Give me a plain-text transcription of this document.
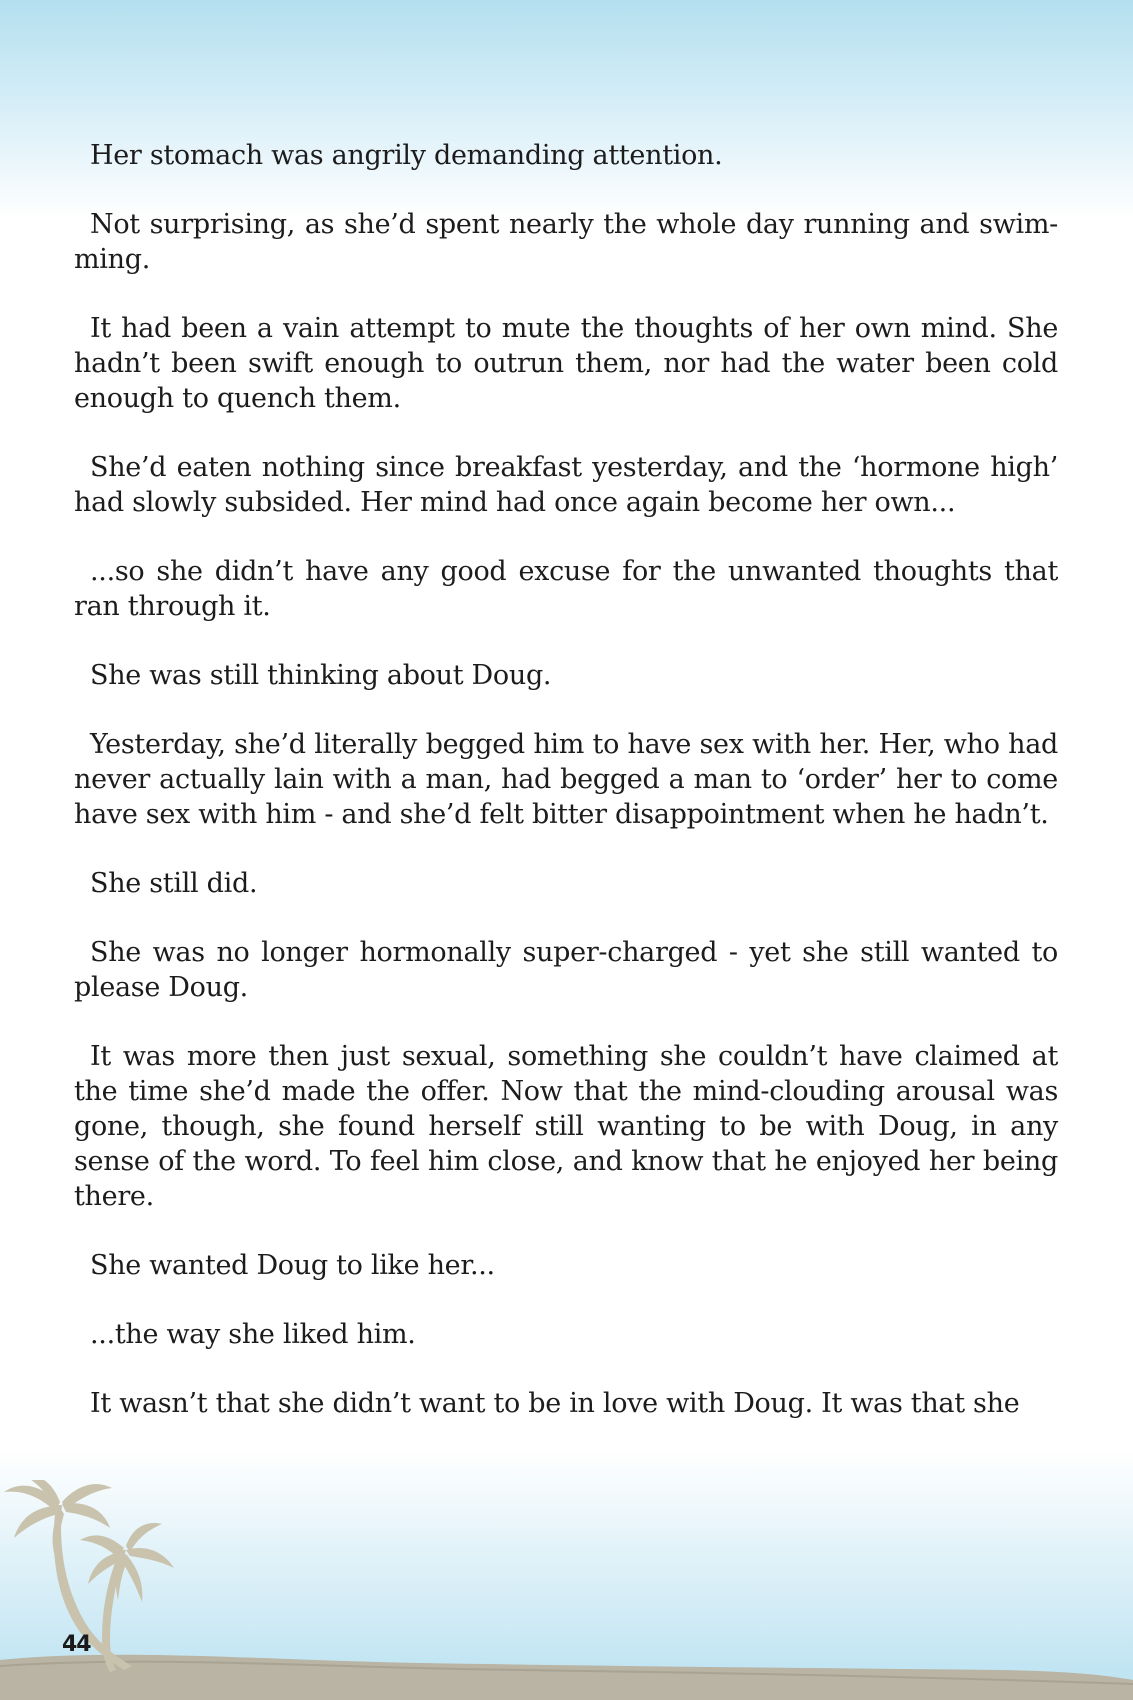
Her stomach was angrily demanding attention.

Not surprising, as she’d spent nearly the whole day running and swim-ming.

It had been a vain attempt to mute the thoughts of her own mind. She hadn’t been swift enough to outrun them, nor had the water been cold enough to quench them.

She’d eaten nothing since breakfast yesterday, and the ‘hormone high’ had slowly subsided. Her mind had once again become her own...

...so she didn’t have any good excuse for the unwanted thoughts that ran through it.

She was still thinking about Doug.

Yesterday, she’d literally begged him to have sex with her. Her, who had never actually lain with a man, had begged a man to ‘order’ her to come have sex with him - and she’d felt bitter disappointment when he hadn’t.

She still did.

She was no longer hormonally super-charged - yet she still wanted to please Doug.

It was more then just sexual, something she couldn’t have claimed at the time she’d made the offer. Now that the mind-clouding arousal was gone, though, she found herself still wanting to be with Doug, in any sense of the word. To feel him close, and know that he enjoyed her being there.

She wanted Doug to like her...

...the way she liked him.

It wasn’t that she didn’t want to be in love with Doug. It was that she

44
